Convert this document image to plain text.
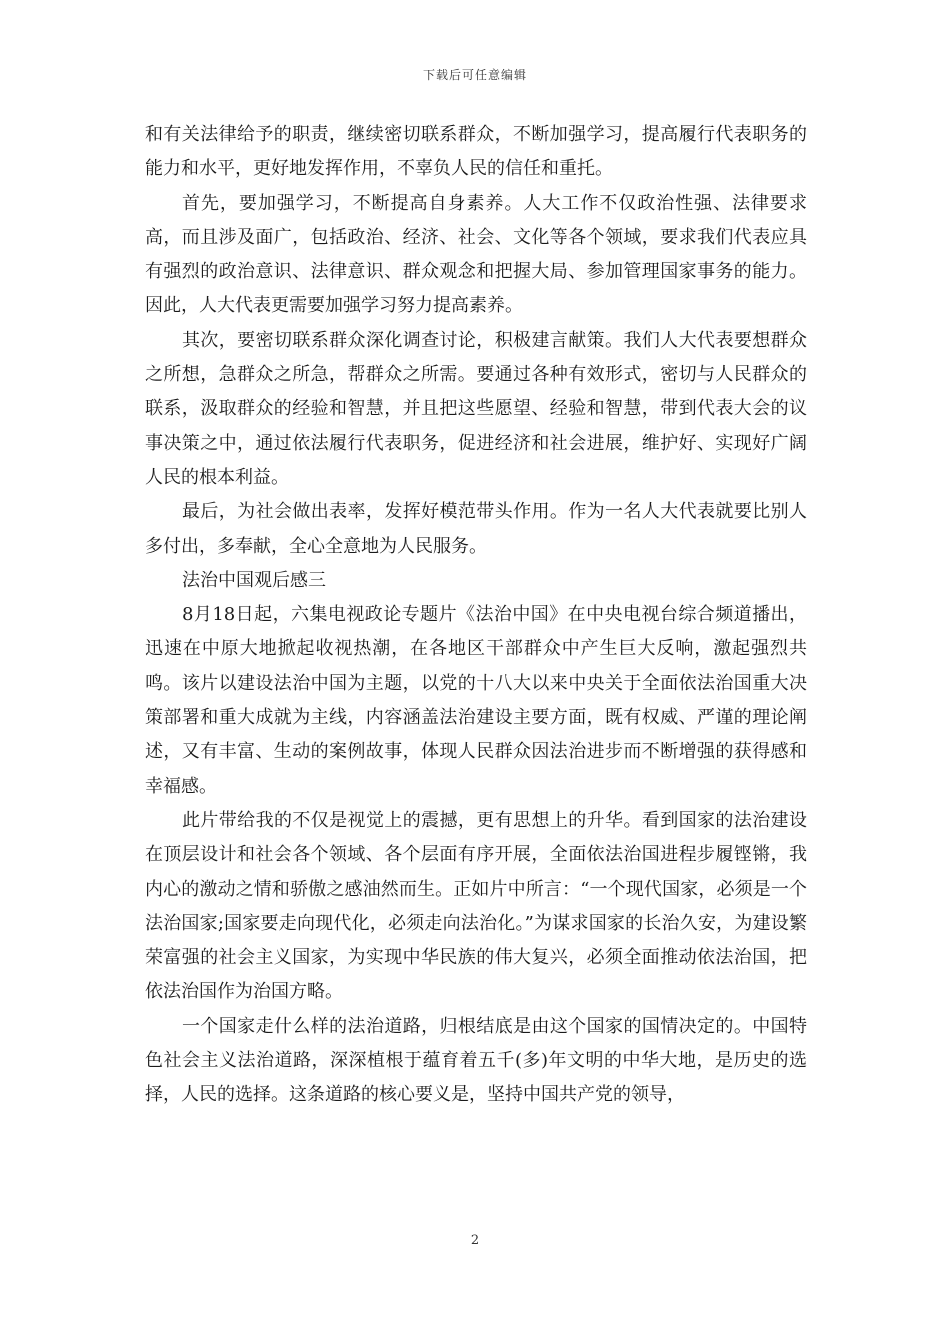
下载后可任意编辑

和有关法律给予的职责，继续密切联系群众，不断加强学习，提高履行代表职务的能力和水平，更好地发挥作用，不辜负人民的信任和重托。

首先，要加强学习，不断提高自身素养。人大工作不仅政治性强、法律要求高，而且涉及面广，包括政治、经济、社会、文化等各个领域，要求我们代表应具有强烈的政治意识、法律意识、群众观念和把握大局、参加管理国家事务的能力。因此，人大代表更需要加强学习努力提高素养。

其次，要密切联系群众深化调查讨论，积极建言献策。我们人大代表要想群众之所想，急群众之所急，帮群众之所需。要通过各种有效形式，密切与人民群众的联系，汲取群众的经验和智慧，并且把这些愿望、经验和智慧，带到代表大会的议事决策之中，通过依法履行代表职务，促进经济和社会进展，维护好、实现好广阔人民的根本利益。

最后，为社会做出表率，发挥好模范带头作用。作为一名人大代表就要比别人多付出，多奉献，全心全意地为人民服务。

法治中国观后感三

8月18日起，六集电视政论专题片《法治中国》在中央电视台综合频道播出，迅速在中原大地掀起收视热潮，在各地区干部群众中产生巨大反响，激起强烈共鸣。该片以建设法治中国为主题，以党的十八大以来中央关于全面依法治国重大决策部署和重大成就为主线，内容涵盖法治建设主要方面，既有权威、严谨的理论阐述，又有丰富、生动的案例故事，体现人民群众因法治进步而不断增强的获得感和幸福感。

此片带给我的不仅是视觉上的震撼，更有思想上的升华。看到国家的法治建设在顶层设计和社会各个领域、各个层面有序开展，全面依法治国进程步履铿锵，我内心的激动之情和骄傲之感油然而生。正如片中所言：“一个现代国家，必须是一个法治国家;国家要走向现代化，必须走向法治化。”为谋求国家的长治久安，为建设繁荣富强的社会主义国家，为实现中华民族的伟大复兴，必须全面推动依法治国，把依法治国作为治国方略。

一个国家走什么样的法治道路，归根结底是由这个国家的国情决定的。中国特色社会主义法治道路，深深植根于蕴育着五千(多)年文明的中华大地，是历史的选择，人民的选择。这条道路的核心要义是，坚持中国共产党的领导，

2
